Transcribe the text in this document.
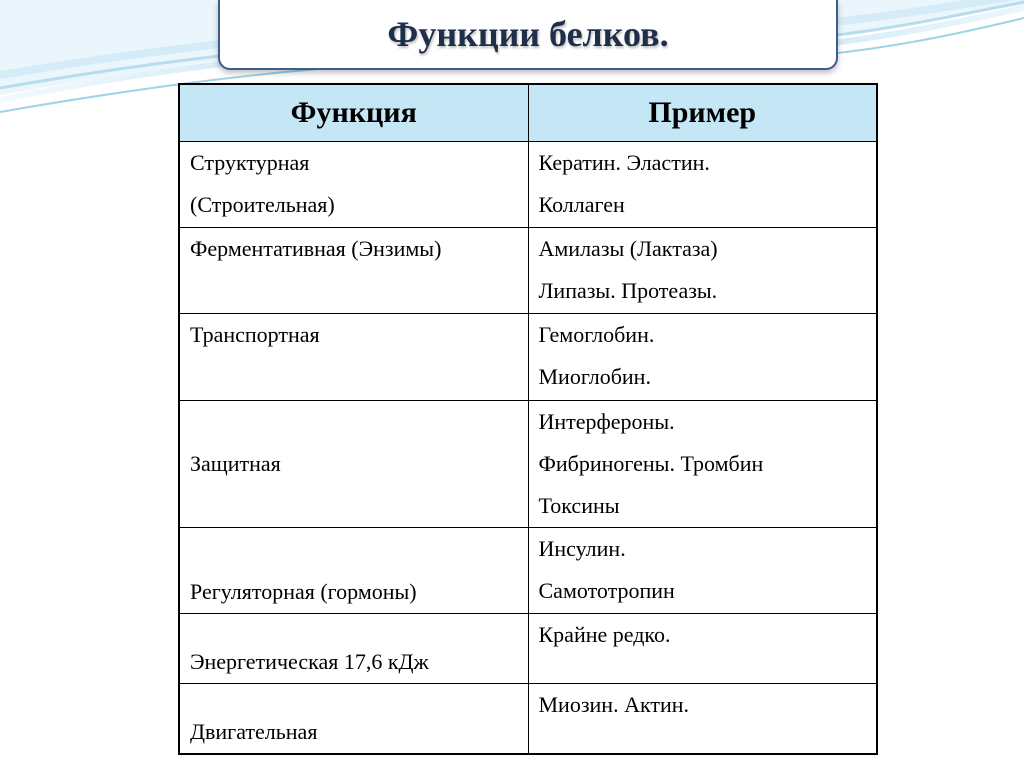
Функции белков.
Функция	Пример

Структурная
(Строительная)	Кератин. Эластин.
Коллаген

Ферментативная (Энзимы)	Амилазы (Лактаза)
Липазы. Протеазы.

Транспортная	Гемоглобин.
Миоглобин.

Защитная	Интерфероны.
Фибриногены. Тромбин
Токсины

Регуляторная (гормоны)	Инсулин.
Самототропин

Энергетическая 17,6 кДж	Крайне редко.

Двигательная	Миозин. Актин.
